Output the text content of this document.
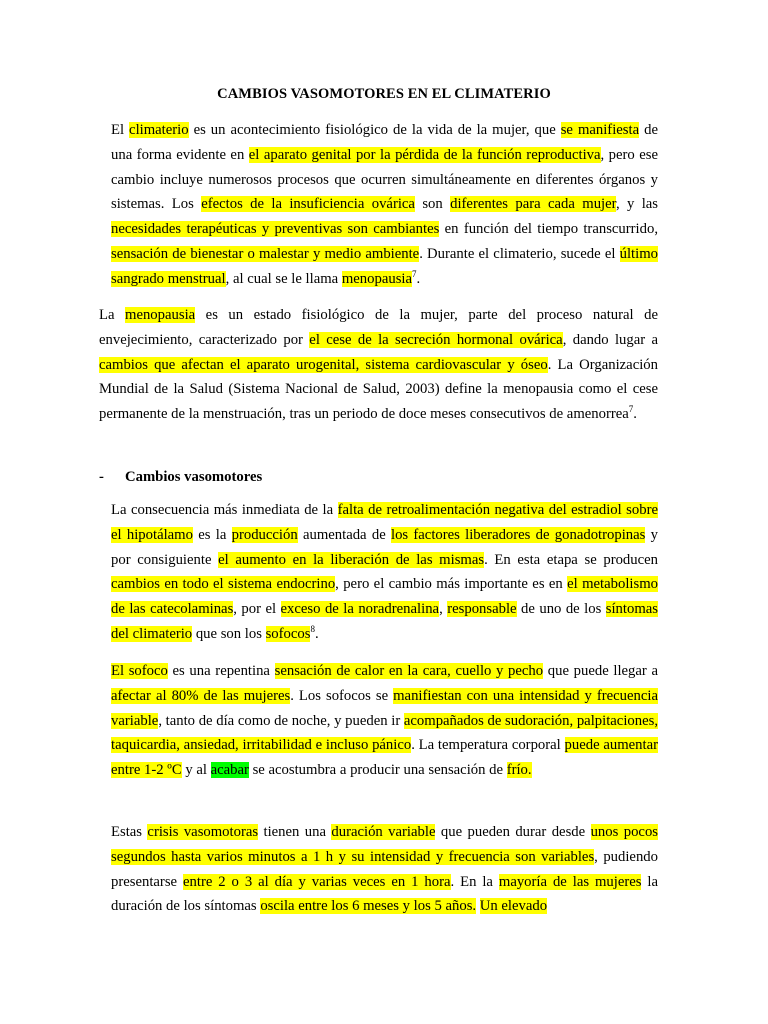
CAMBIOS VASOMOTORES EN EL CLIMATERIO
El climaterio es un acontecimiento fisiológico de la vida de la mujer, que se manifiesta de una forma evidente en el aparato genital por la pérdida de la función reproductiva, pero ese cambio incluye numerosos procesos que ocurren simultáneamente en diferentes órganos y sistemas. Los efectos de la insuficiencia ovárica son diferentes para cada mujer, y las necesidades terapéuticas y preventivas son cambiantes en función del tiempo transcurrido, sensación de bienestar o malestar y medio ambiente. Durante el climaterio, sucede el último sangrado menstrual, al cual se le llama menopausia$^7$.
La menopausia es un estado fisiológico de la mujer, parte del proceso natural de envejecimiento, caracterizado por el cese de la secreción hormonal ovárica, dando lugar a cambios que afectan el aparato urogenital, sistema cardiovascular y óseo. La Organización Mundial de la Salud (Sistema Nacional de Salud, 2003) define la menopausia como el cese permanente de la menstruación, tras un periodo de doce meses consecutivos de amenorrea$^7$.
- Cambios vasomotores
La consecuencia más inmediata de la falta de retroalimentación negativa del estradiol sobre el hipotálamo es la producción aumentada de los factores liberadores de gonadotropinas y por consiguiente el aumento en la liberación de las mismas. En esta etapa se producen cambios en todo el sistema endocrino, pero el cambio más importante es en el metabolismo de las catecolaminas, por el exceso de la noradrenalina, responsable de uno de los síntomas del climaterio que son los sofocos$^8$.
El sofoco es una repentina sensación de calor en la cara, cuello y pecho que puede llegar a afectar al 80% de las mujeres. Los sofocos se manifiestan con una intensidad y frecuencia variable, tanto de día como de noche, y pueden ir acompañados de sudoración, palpitaciones, taquicardia, ansiedad, irritabilidad e incluso pánico. La temperatura corporal puede aumentar entre 1-2 ºC y al acabar se acostumbra a producir una sensación de frío.
Estas crisis vasomotoras tienen una duración variable que pueden durar desde unos pocos segundos hasta varios minutos a 1 h y su intensidad y frecuencia son variables, pudiendo presentarse entre 2 o 3 al día y varias veces en 1 hora. En la mayoría de las mujeres la duración de los síntomas oscila entre los 6 meses y los 5 años. Un elevado
